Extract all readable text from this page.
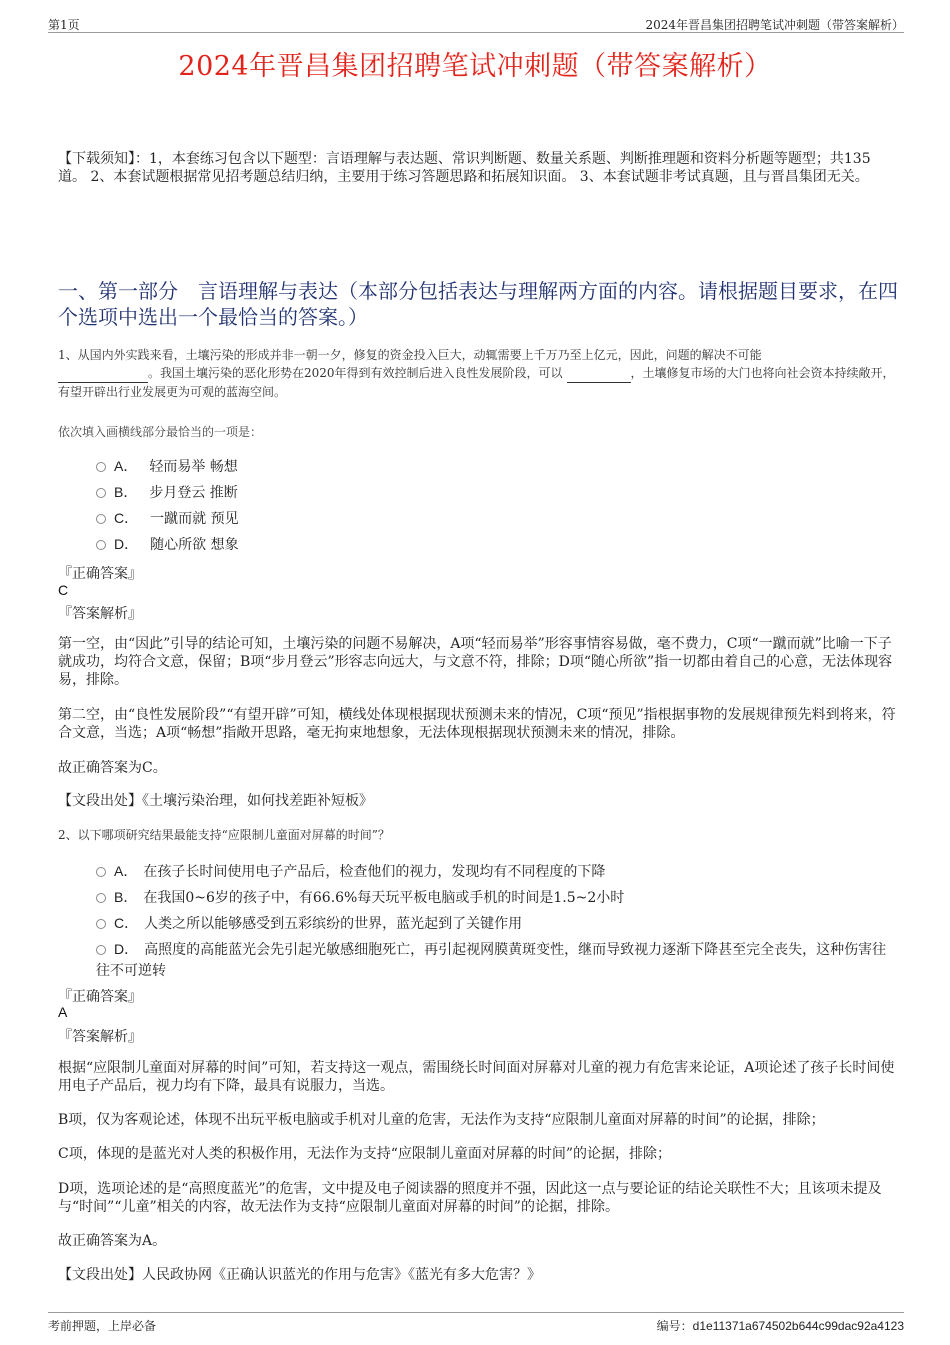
第1页	2024年晋昌集团招聘笔试冲刺题（带答案解析）
2024年晋昌集团招聘笔试冲刺题（带答案解析）
【下载须知】：1，本套练习包含以下题型：言语理解与表达题、常识判断题、数量关系题、判断推理题和资料分析题等题型；共135道。 2、本套试题根据常见招考题总结归纳，主要用于练习答题思路和拓展知识面。 3、本套试题非考试真题，且与晋昌集团无关。
一、第一部分　言语理解与表达（本部分包括表达与理解两方面的内容。请根据题目要求，在四个选项中选出一个最恰当的答案。）
1、从国内外实践来看，土壤污染的形成并非一朝一夕，修复的资金投入巨大，动辄需要上千万乃至上亿元，因此，问题的解决不可能
。我国土壤污染的恶化形势在2020年得到有效控制后进入良性发展阶段，可以	，土壤修复市场的大门也将向社会资本持续敞开，有望开辟出行业发展更为可观的蓝海空间。
依次填入画横线部分最恰当的一项是：
A． 轻而易举 畅想
B． 步月登云 推断
C． 一蹴而就 预见
D． 随心所欲 想象
『正确答案』
C
『答案解析』
第一空，由“因此”引导的结论可知，土壤污染的问题不易解决，A项“轻而易举”形容事情容易做，毫不费力，C项“一蹴而就”比喻一下子就成功，均符合文意，保留；B项“步月登云”形容志向远大，与文意不符，排除；D项“随心所欲”指一切都由着自己的心意，无法体现容易，排除。
第二空，由“良性发展阶段”“有望开辟”可知，横线处体现根据现状预测未来的情况，C项“预见”指根据事物的发展规律预先料到将来，符合文意，当选；A项“畅想”指敞开思路，毫无拘束地想象，无法体现根据现状预测未来的情况，排除。
故正确答案为C。
【文段出处】《土壤污染治理，如何找差距补短板》
2、以下哪项研究结果最能支持“应限制儿童面对屏幕的时间”？
A． 在孩子长时间使用电子产品后，检查他们的视力，发现均有不同程度的下降
B． 在我国0~6岁的孩子中，有66.6%每天玩平板电脑或手机的时间是1.5~2小时
C． 人类之所以能够感受到五彩缤纷的世界，蓝光起到了关键作用
D． 高照度的高能蓝光会先引起光敏感细胞死亡，再引起视网膜黄斑变性，继而导致视力逐渐下降甚至完全丧失，这种伤害往往不可逆转
『正确答案』
A
『答案解析』
根据“应限制儿童面对屏幕的时间”可知，若支持这一观点，需围绕长时间面对屏幕对儿童的视力有危害来论证，A项论述了孩子长时间使用电子产品后，视力均有下降，最具有说服力，当选。
B项，仅为客观论述，体现不出玩平板电脑或手机对儿童的危害，无法作为支持“应限制儿童面对屏幕的时间”的论据，排除；
C项，体现的是蓝光对人类的积极作用，无法作为支持“应限制儿童面对屏幕的时间”的论据，排除；
D项，选项论述的是“高照度蓝光”的危害，文中提及电子阅读器的照度并不强，因此这一点与要论证的结论关联性不大；且该项未提及与“时间”“儿童”相关的内容，故无法作为支持“应限制儿童面对屏幕的时间”的论据，排除。
故正确答案为A。
【文段出处】人民政协网《正确认识蓝光的作用与危害》《蓝光有多大危害？》
考前押题，上岸必备	编号：d1e11371a674502b644c99dac92a4123
